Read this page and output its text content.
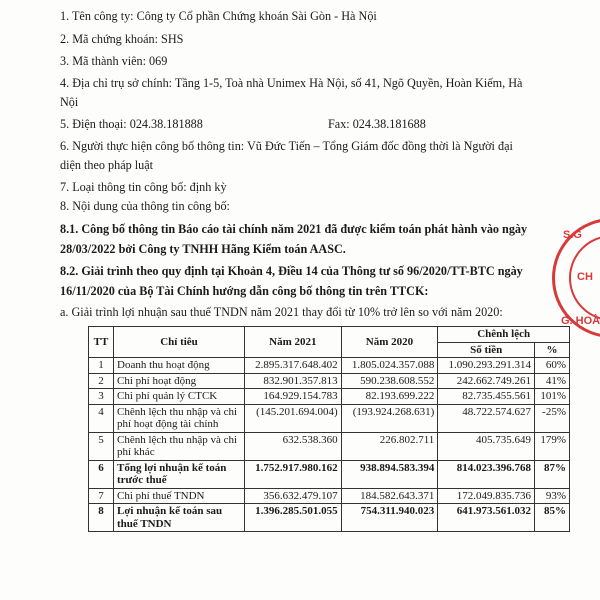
1. Tên công ty: Công ty Cổ phần Chứng khoán Sài Gòn - Hà Nội
2. Mã chứng khoán: SHS
3. Mã thành viên: 069
4. Địa chỉ trụ sở chính: Tầng 1-5, Toà nhà Unimex Hà Nội, số 41, Ngõ Quyền, Hoàn Kiếm, Hà
Nội
5. Điện thoại: 024.38.181888	Fax: 024.38.181688
6. Người thực hiện công bố thông tin: Vũ Đức Tiến – Tổng Giám đốc đồng thời là Người đại
diện theo pháp luật
7. Loại thông tin công bố: định kỳ
8. Nội dung của thông tin công bố:
8.1. Công bố thông tin Báo cáo tài chính năm 2021 đã được kiểm toán phát hành vào ngày
28/03/2022 bởi Công ty TNHH Hãng Kiểm toán AASC.
8.2. Giải trình theo quy định tại Khoản 4, Điều 14 của Thông tư số 96/2020/TT-BTC ngày
16/11/2020 của Bộ Tài Chính hướng dẫn công bố thông tin trên TTCK:
a. Giải trình lợi nhuận sau thuế TNDN năm 2021 thay đổi từ 10% trở lên so với năm 2020:
S.G
CH
G. HOÀ
TT	Chỉ tiêu	Năm 2021	Năm 2020	Chênh lệch	
				Số tiền	%
1	Doanh thu hoạt động	2.895.317.648.402	1.805.024.357.088	1.090.293.291.314	60%
2	Chi phí hoạt động	832.901.357.813	590.238.608.552	242.662.749.261	41%
3	Chi phí quản lý CTCK	164.929.154.783	82.193.699.222	82.735.455.561	101%
4	Chênh lệch thu nhập và chi phí hoạt động tài chính	(145.201.694.004)	(193.924.268.631)	48.722.574.627	-25%
5	Chênh lệch thu nhập và chi phí khác	632.538.360	226.802.711	405.735.649	179%
6	Tổng lợi nhuận kế toán trước thuế	1.752.917.980.162	938.894.583.394	814.023.396.768	87%
7	Chi phí thuế TNDN	356.632.479.107	184.582.643.371	172.049.835.736	93%
8	Lợi nhuận kế toán sau thuế TNDN	1.396.285.501.055	754.311.940.023	641.973.561.032	85%
